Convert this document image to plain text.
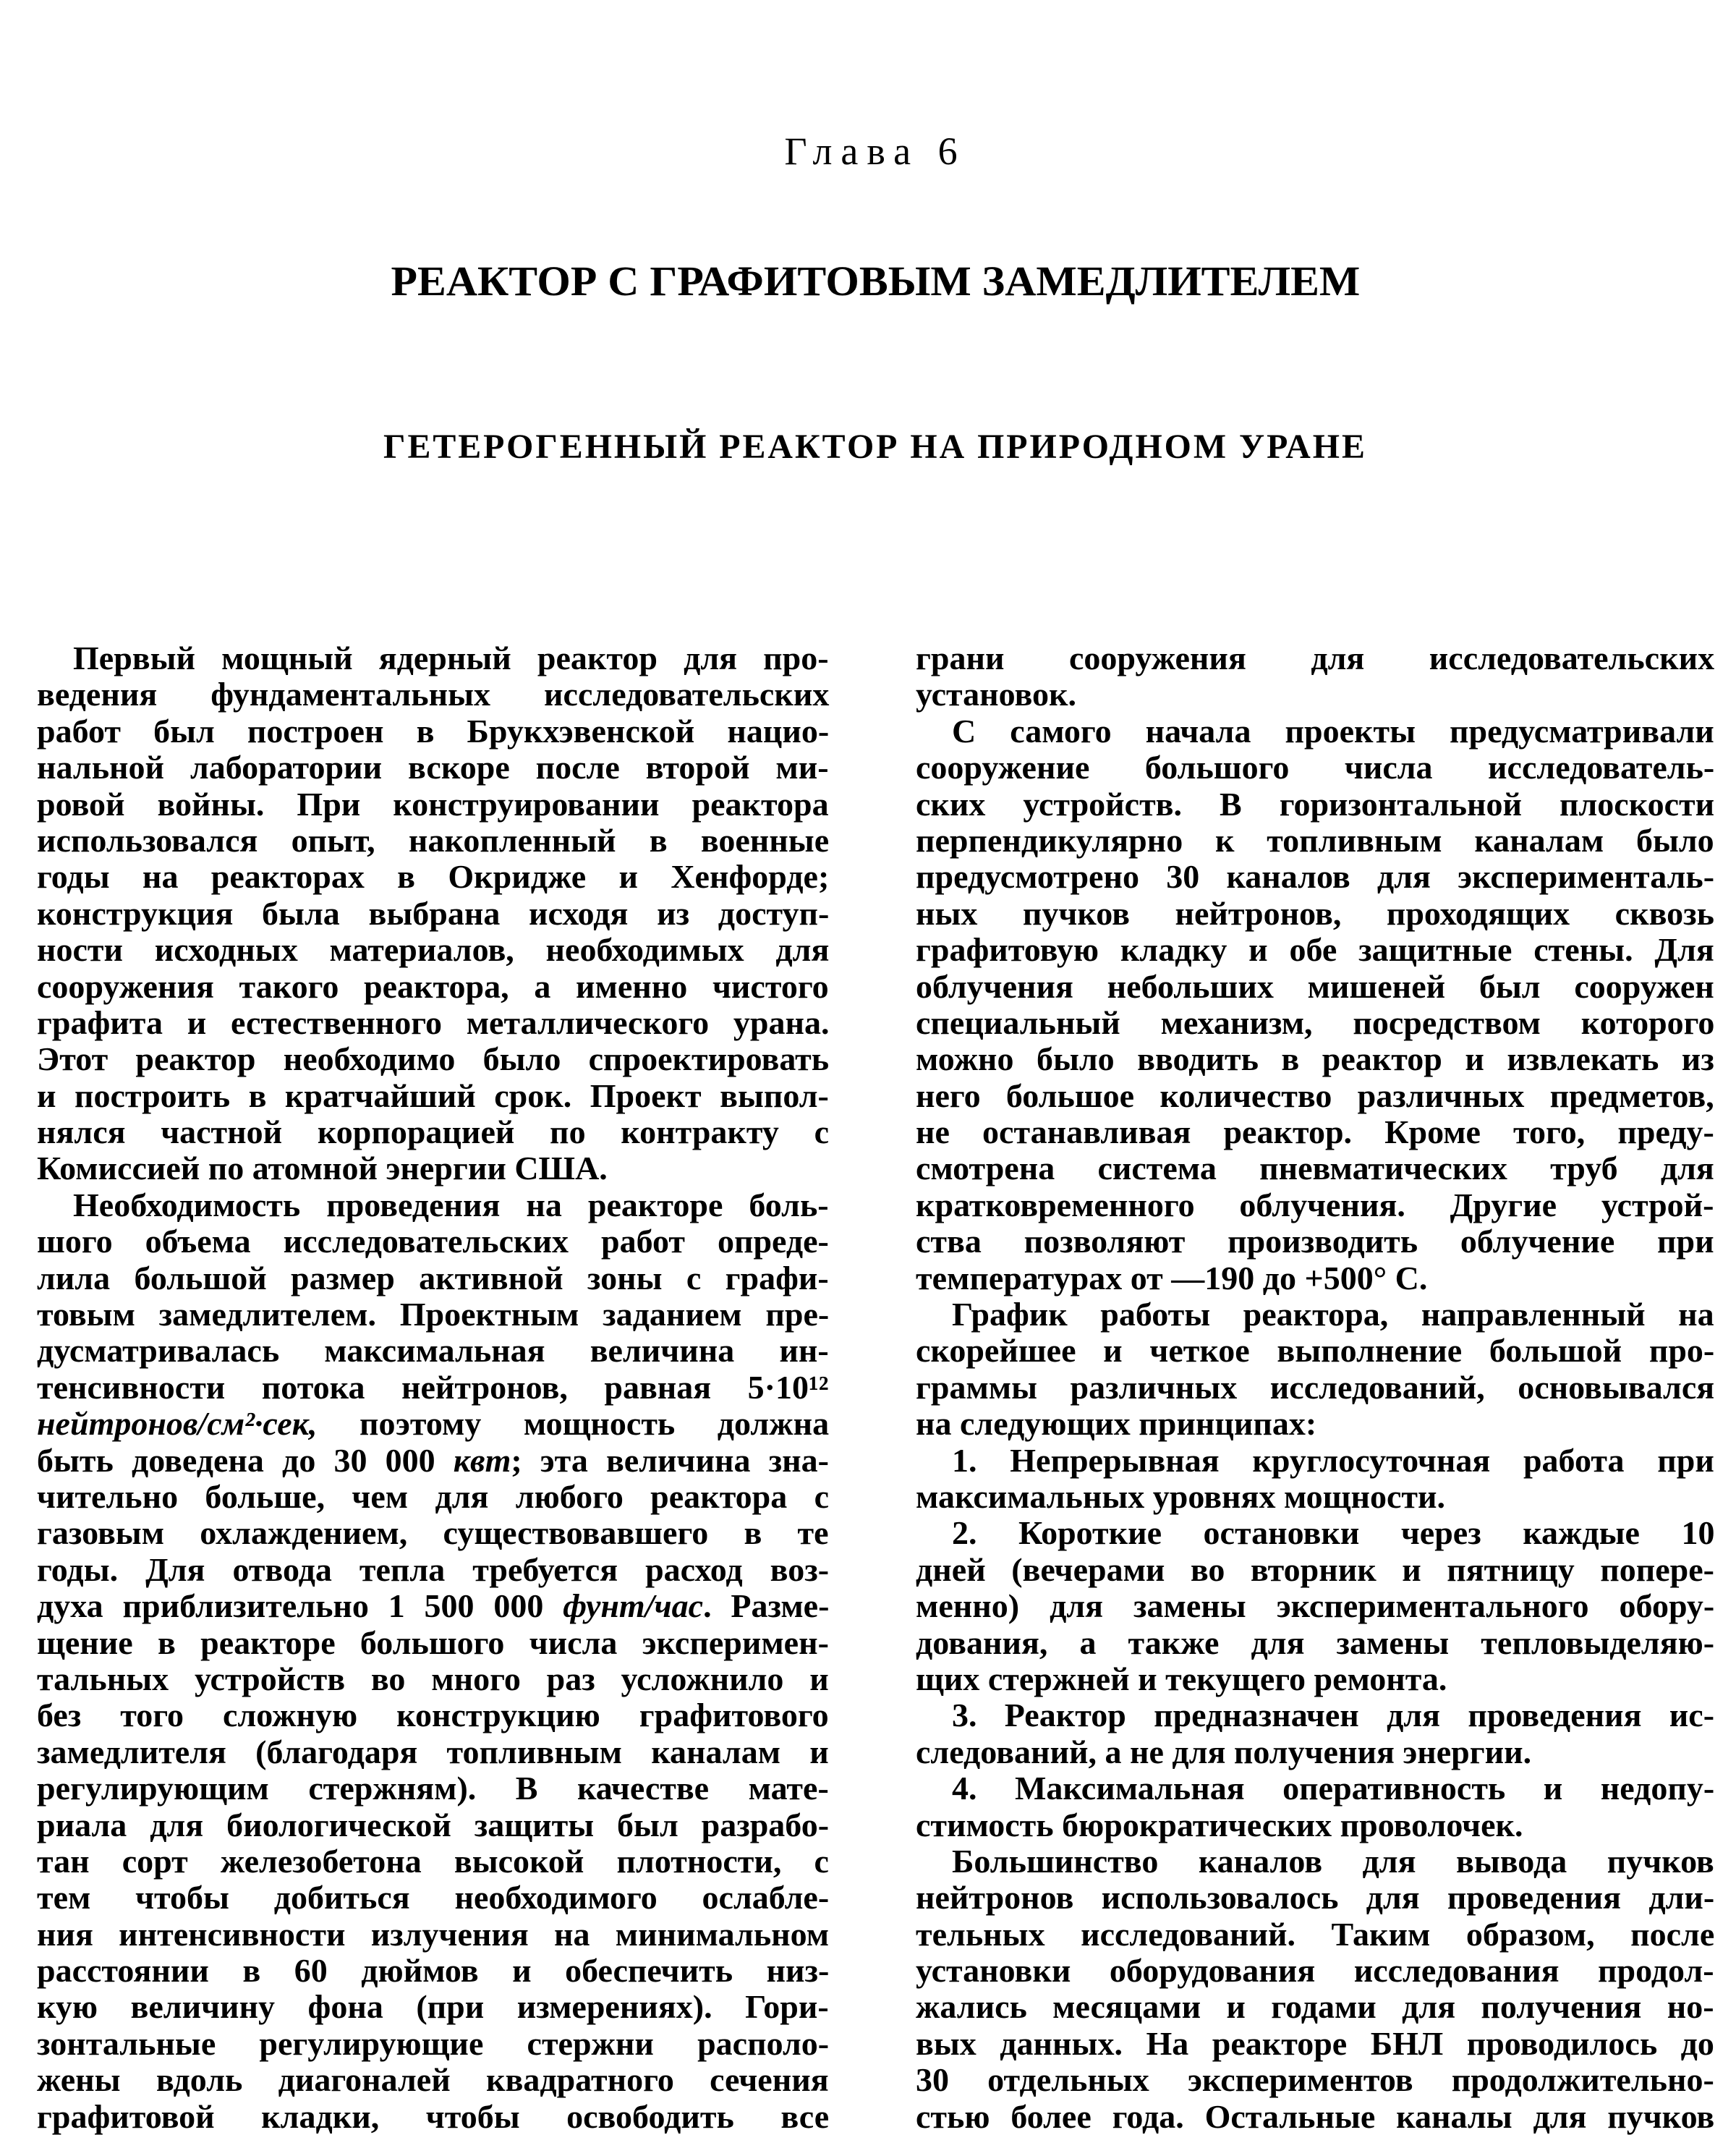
Глава 6
РЕАКТОР С ГРАФИТОВЫМ ЗАМЕДЛИТЕЛЕМ
ГЕТЕРОГЕННЫЙ РЕАКТОР НА ПРИРОДНОМ УРАНЕ
Первый мощный ядерный реактор для про-
ведения фундаментальных исследовательских
работ был построен в Брукхэвенской нацио-
нальной лаборатории вскоре после второй ми-
ровой войны. При конструировании реактора
использовался опыт, накопленный в военные
годы на реакторах в Окридже и Хенфорде;
конструкция была выбрана исходя из доступ-
ности исходных материалов, необходимых для
сооружения такого реактора, а именно чистого
графита и естественного металлического урана.
Этот реактор необходимо было спроектировать
и построить в кратчайший срок. Проект выпол-
нялся частной корпорацией по контракту с
Комиссией по атомной энергии США.
Необходимость проведения на реакторе боль-
шого объема исследовательских работ опреде-
лила большой размер активной зоны с графи-
товым замедлителем. Проектным заданием пре-
дусматривалась максимальная величина ин-
тенсивности потока нейтронов, равная 5·10¹²
нейтронов/см²·сек, поэтому мощность должна
быть доведена до 30 000 квт; эта величина зна-
чительно больше, чем для любого реактора с
газовым охлаждением, существовавшего в те
годы. Для отвода тепла требуется расход воз-
духа приблизительно 1 500 000 фунт/час. Разме-
щение в реакторе большого числа эксперимен-
тальных устройств во много раз усложнило и
без того сложную конструкцию графитового
замедлителя (благодаря топливным каналам и
регулирующим стержням). В качестве мате-
риала для биологической защиты был разрабо-
тан сорт железобетона высокой плотности, с
тем чтобы добиться необходимого ослабле-
ния интенсивности излучения на минимальном
расстоянии в 60 дюймов и обеспечить низ-
кую величину фона (при измерениях). Гори-
зонтальные регулирующие стержни располо-
жены вдоль диагоналей квадратного сечения
графитовой кладки, чтобы освободить все
грани сооружения для исследовательских
установок.
С самого начала проекты предусматривали
сооружение большого числа исследователь-
ских устройств. В горизонтальной плоскости
перпендикулярно к топливным каналам было
предусмотрено 30 каналов для эксперименталь-
ных пучков нейтронов, проходящих сквозь
графитовую кладку и обе защитные стены. Для
облучения небольших мишеней был сооружен
специальный механизм, посредством которого
можно было вводить в реактор и извлекать из
него большое количество различных предметов,
не останавливая реактор. Кроме того, преду-
смотрена система пневматических труб для
кратковременного облучения. Другие устрой-
ства позволяют производить облучение при
температурах от —190 до +500° С.
График работы реактора, направленный на
скорейшее и четкое выполнение большой про-
граммы различных исследований, основывался
на следующих принципах:
1. Непрерывная круглосуточная работа при
максимальных уровнях мощности.
2. Короткие остановки через каждые 10
дней (вечерами во вторник и пятницу попере-
менно) для замены экспериментального обору-
дования, а также для замены тепловыделяю-
щих стержней и текущего ремонта.
3. Реактор предназначен для проведения ис-
следований, а не для получения энергии.
4. Максимальная оперативность и недопу-
стимость бюрократических проволочек.
Большинство каналов для вывода пучков
нейтронов использовалось для проведения дли-
тельных исследований. Таким образом, после
установки оборудования исследования продол-
жались месяцами и годами для получения но-
вых данных. На реакторе БНЛ проводилось до
30 отдельных экспериментов продолжительно-
стью более года. Остальные каналы для пучков
